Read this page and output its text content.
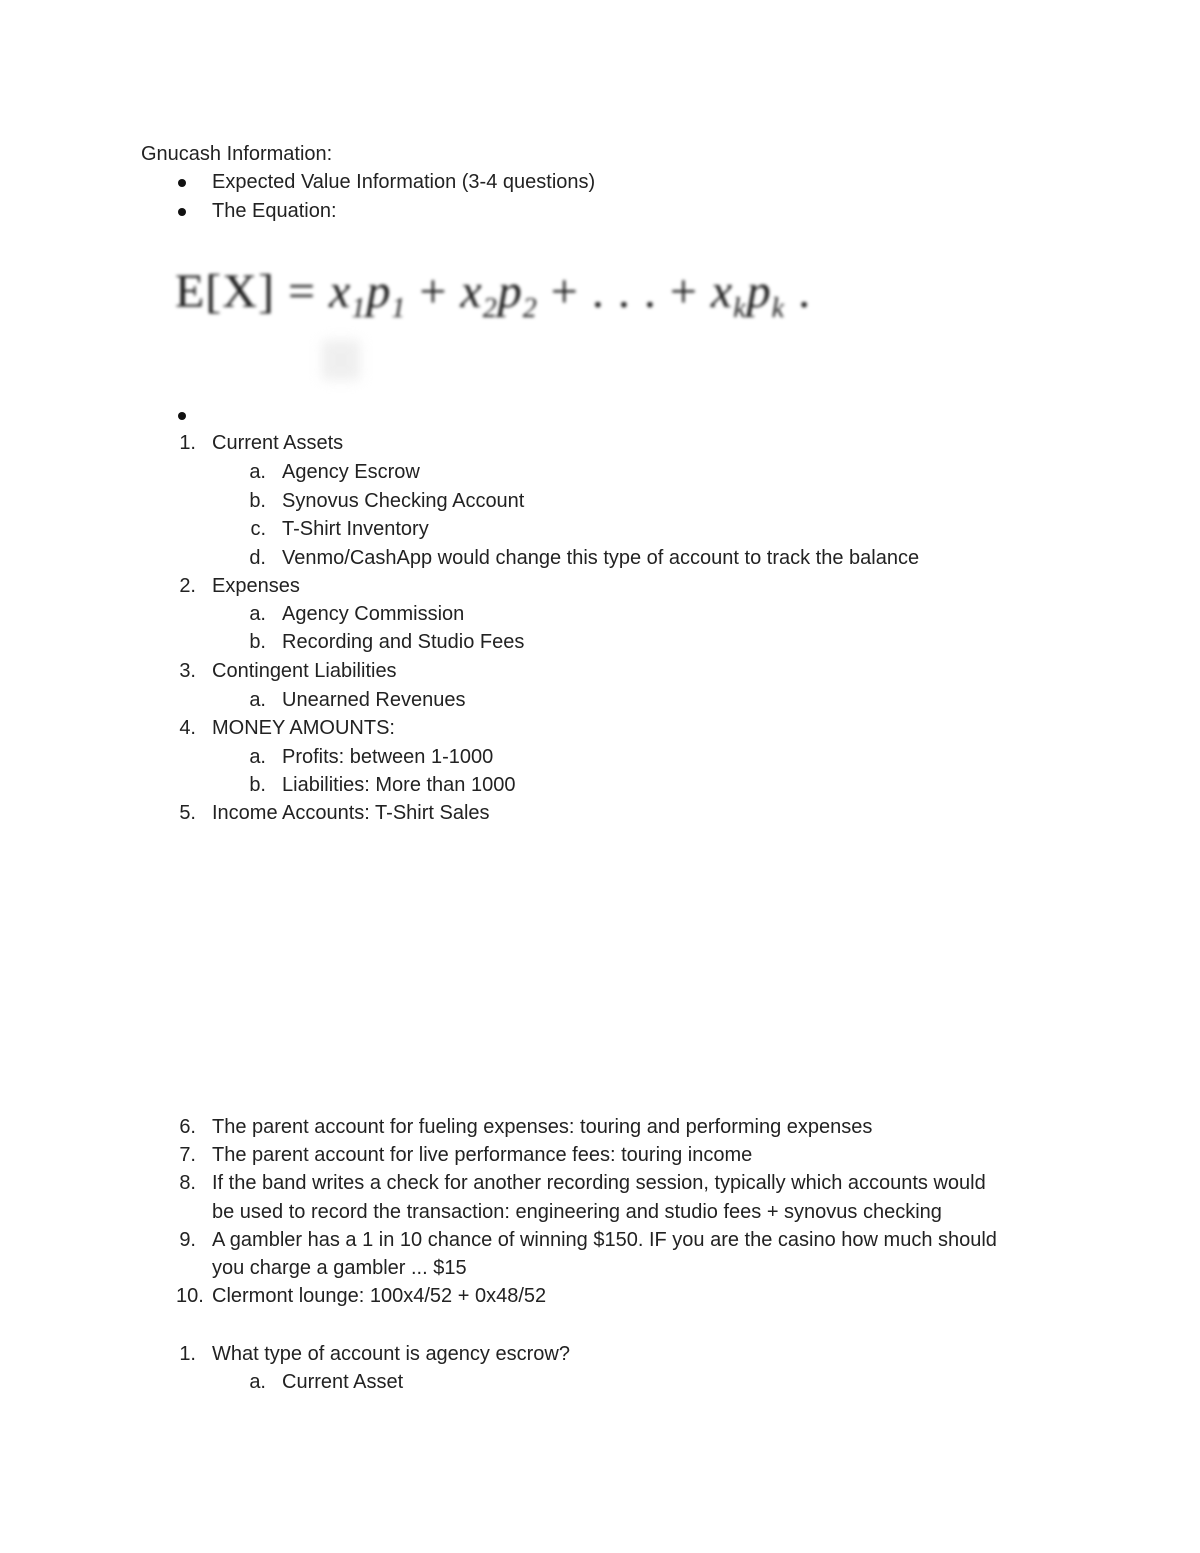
Gnucash Information:
Expected Value Information (3-4 questions)
The Equation:
$E[X] = x_1p_1 + x_2p_2$ + . . . + $x_kp_k$ .
1. Current Assets
a. Agency Escrow
b. Synovus Checking Account
c. T-Shirt Inventory
d. Venmo/CashApp would change this type of account to track the balance
2. Expenses
a. Agency Commission
b. Recording and Studio Fees
3. Contingent Liabilities
a. Unearned Revenues
4. MONEY AMOUNTS:
a. Profits: between 1-1000
b. Liabilities: More than 1000
5. Income Accounts: T-Shirt Sales
6. The parent account for fueling expenses: touring and performing expenses
7. The parent account for live performance fees: touring income
8. If the band writes a check for another recording session, typically which accounts would
be used to record the transaction: engineering and studio fees + synovus checking
9. A gambler has a 1 in 10 chance of winning $150. IF you are the casino how much should
you charge a gambler ... $15
10. Clermont lounge: 100x4/52 + 0x48/52
1. What type of account is agency escrow?
a. Current Asset
